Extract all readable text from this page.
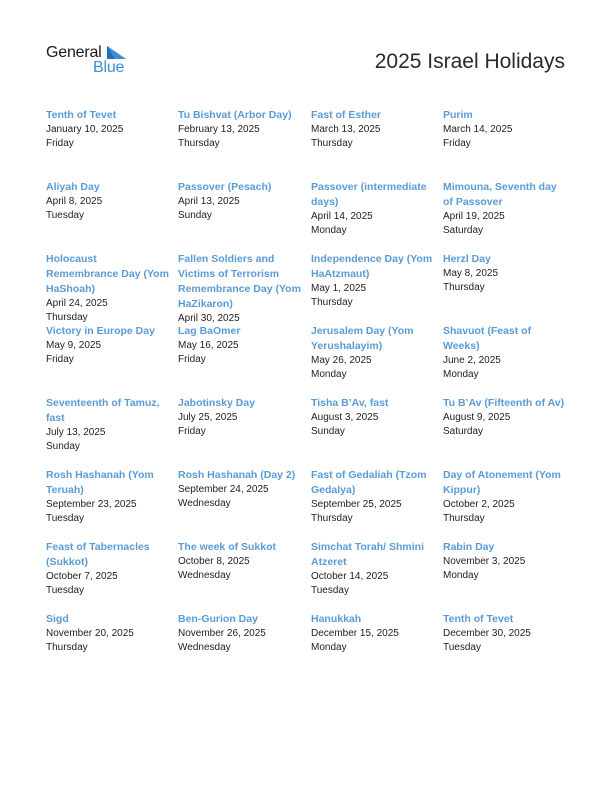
General
Blue	2025 Israel Holidays
Tenth of Tevet
January 10, 2025
Friday
Tu Bishvat (Arbor Day)
February 13, 2025
Thursday
Fast of Esther
March 13, 2025
Thursday
Purim
March 14, 2025
Friday
Aliyah Day
April 8, 2025
Tuesday
Passover (Pesach)
April 13, 2025
Sunday
Passover (intermediate days)
April 14, 2025
Monday
Mimouna, Seventh day of Passover
April 19, 2025
Saturday
Holocaust Remembrance Day (Yom HaShoah)
April 24, 2025
Thursday
Fallen Soldiers and Victims of Terrorism Remembrance Day (Yom HaZikaron)
April 30, 2025
Independence Day (Yom HaAtzmaut)
May 1, 2025
Thursday
Herzl Day
May 8, 2025
Thursday
Victory in Europe Day
May 9, 2025
Friday
Lag BaOmer
May 16, 2025
Friday
Jerusalem Day (Yom Yerushalayim)
May 26, 2025
Monday
Shavuot (Feast of Weeks)
June 2, 2025
Monday
Seventeenth of Tamuz, fast
July 13, 2025
Sunday
Jabotinsky Day
July 25, 2025
Friday
Tisha B’Av, fast
August 3, 2025
Sunday
Tu B’Av (Fifteenth of Av)
August 9, 2025
Saturday
Rosh Hashanah (Yom Teruah)
September 23, 2025
Tuesday
Rosh Hashanah (Day 2)
September 24, 2025
Wednesday
Fast of Gedaliah (Tzom Gedalya)
September 25, 2025
Thursday
Day of Atonement (Yom Kippur)
October 2, 2025
Thursday
Feast of Tabernacles (Sukkot)
October 7, 2025
Tuesday
The week of Sukkot
October 8, 2025
Wednesday
Simchat Torah/ Shmini Atzeret
October 14, 2025
Tuesday
Rabin Day
November 3, 2025
Monday
Sigd
November 20, 2025
Thursday
Ben-Gurion Day
November 26, 2025
Wednesday
Hanukkah
December 15, 2025
Monday
Tenth of Tevet
December 30, 2025
Tuesday
